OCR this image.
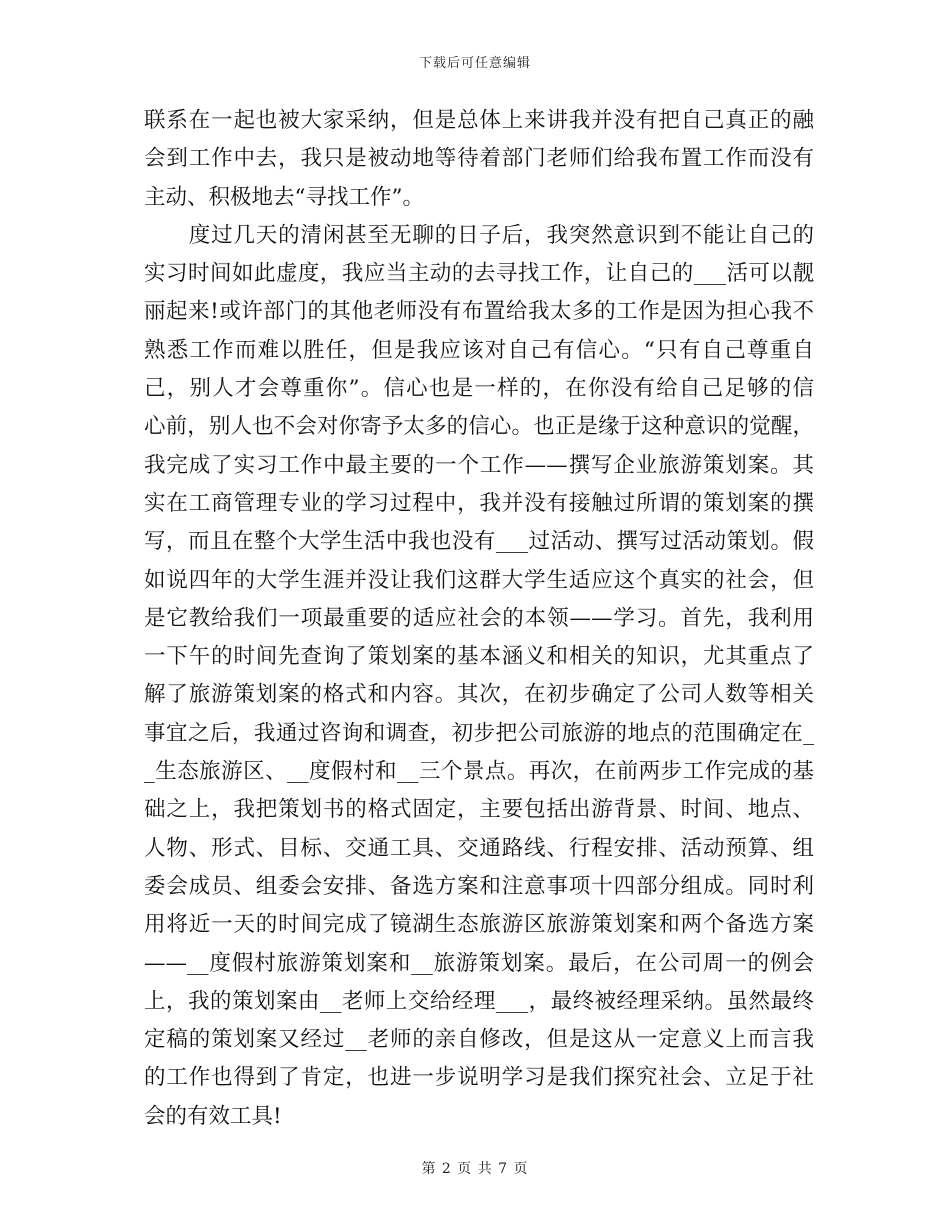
下载后可任意编辑
联系在一起也被大家采纳，但是总体上来讲我并没有把自己真正的融
会到工作中去，我只是被动地等待着部门老师们给我布置工作而没有
主动、积极地去“寻找工作”。
　　度过几天的清闲甚至无聊的日子后，我突然意识到不能让自己的
实习时间如此虚度，我应当主动的去寻找工作，让自己的___活可以靓
丽起来!或许部门的其他老师没有布置给我太多的工作是因为担心我不
熟悉工作而难以胜任，但是我应该对自己有信心。“只有自己尊重自
己，别人才会尊重你”。信心也是一样的，在你没有给自己足够的信
心前，别人也不会对你寄予太多的信心。也正是缘于这种意识的觉醒，
我完成了实习工作中最主要的一个工作——撰写企业旅游策划案。其
实在工商管理专业的学习过程中，我并没有接触过所谓的策划案的撰
写，而且在整个大学生活中我也没有___过活动、撰写过活动策划。假
如说四年的大学生涯并没让我们这群大学生适应这个真实的社会，但
是它教给我们一项最重要的适应社会的本领——学习。首先，我利用
一下午的时间先查询了策划案的基本涵义和相关的知识，尤其重点了
解了旅游策划案的格式和内容。其次，在初步确定了公司人数等相关
事宜之后，我通过咨询和调查，初步把公司旅游的地点的范围确定在_
_生态旅游区、__度假村和__三个景点。再次，在前两步工作完成的基
础之上，我把策划书的格式固定，主要包括出游背景、时间、地点、
人物、形式、目标、交通工具、交通路线、行程安排、活动预算、组
委会成员、组委会安排、备选方案和注意事项十四部分组成。同时利
用将近一天的时间完成了镜湖生态旅游区旅游策划案和两个备选方案
——__度假村旅游策划案和__旅游策划案。最后，在公司周一的例会
上，我的策划案由__老师上交给经理___，最终被经理采纳。虽然最终
定稿的策划案又经过__老师的亲自修改，但是这从一定意义上而言我
的工作也得到了肯定，也进一步说明学习是我们探究社会、立足于社
会的有效工具!
第 2 页 共 7 页
